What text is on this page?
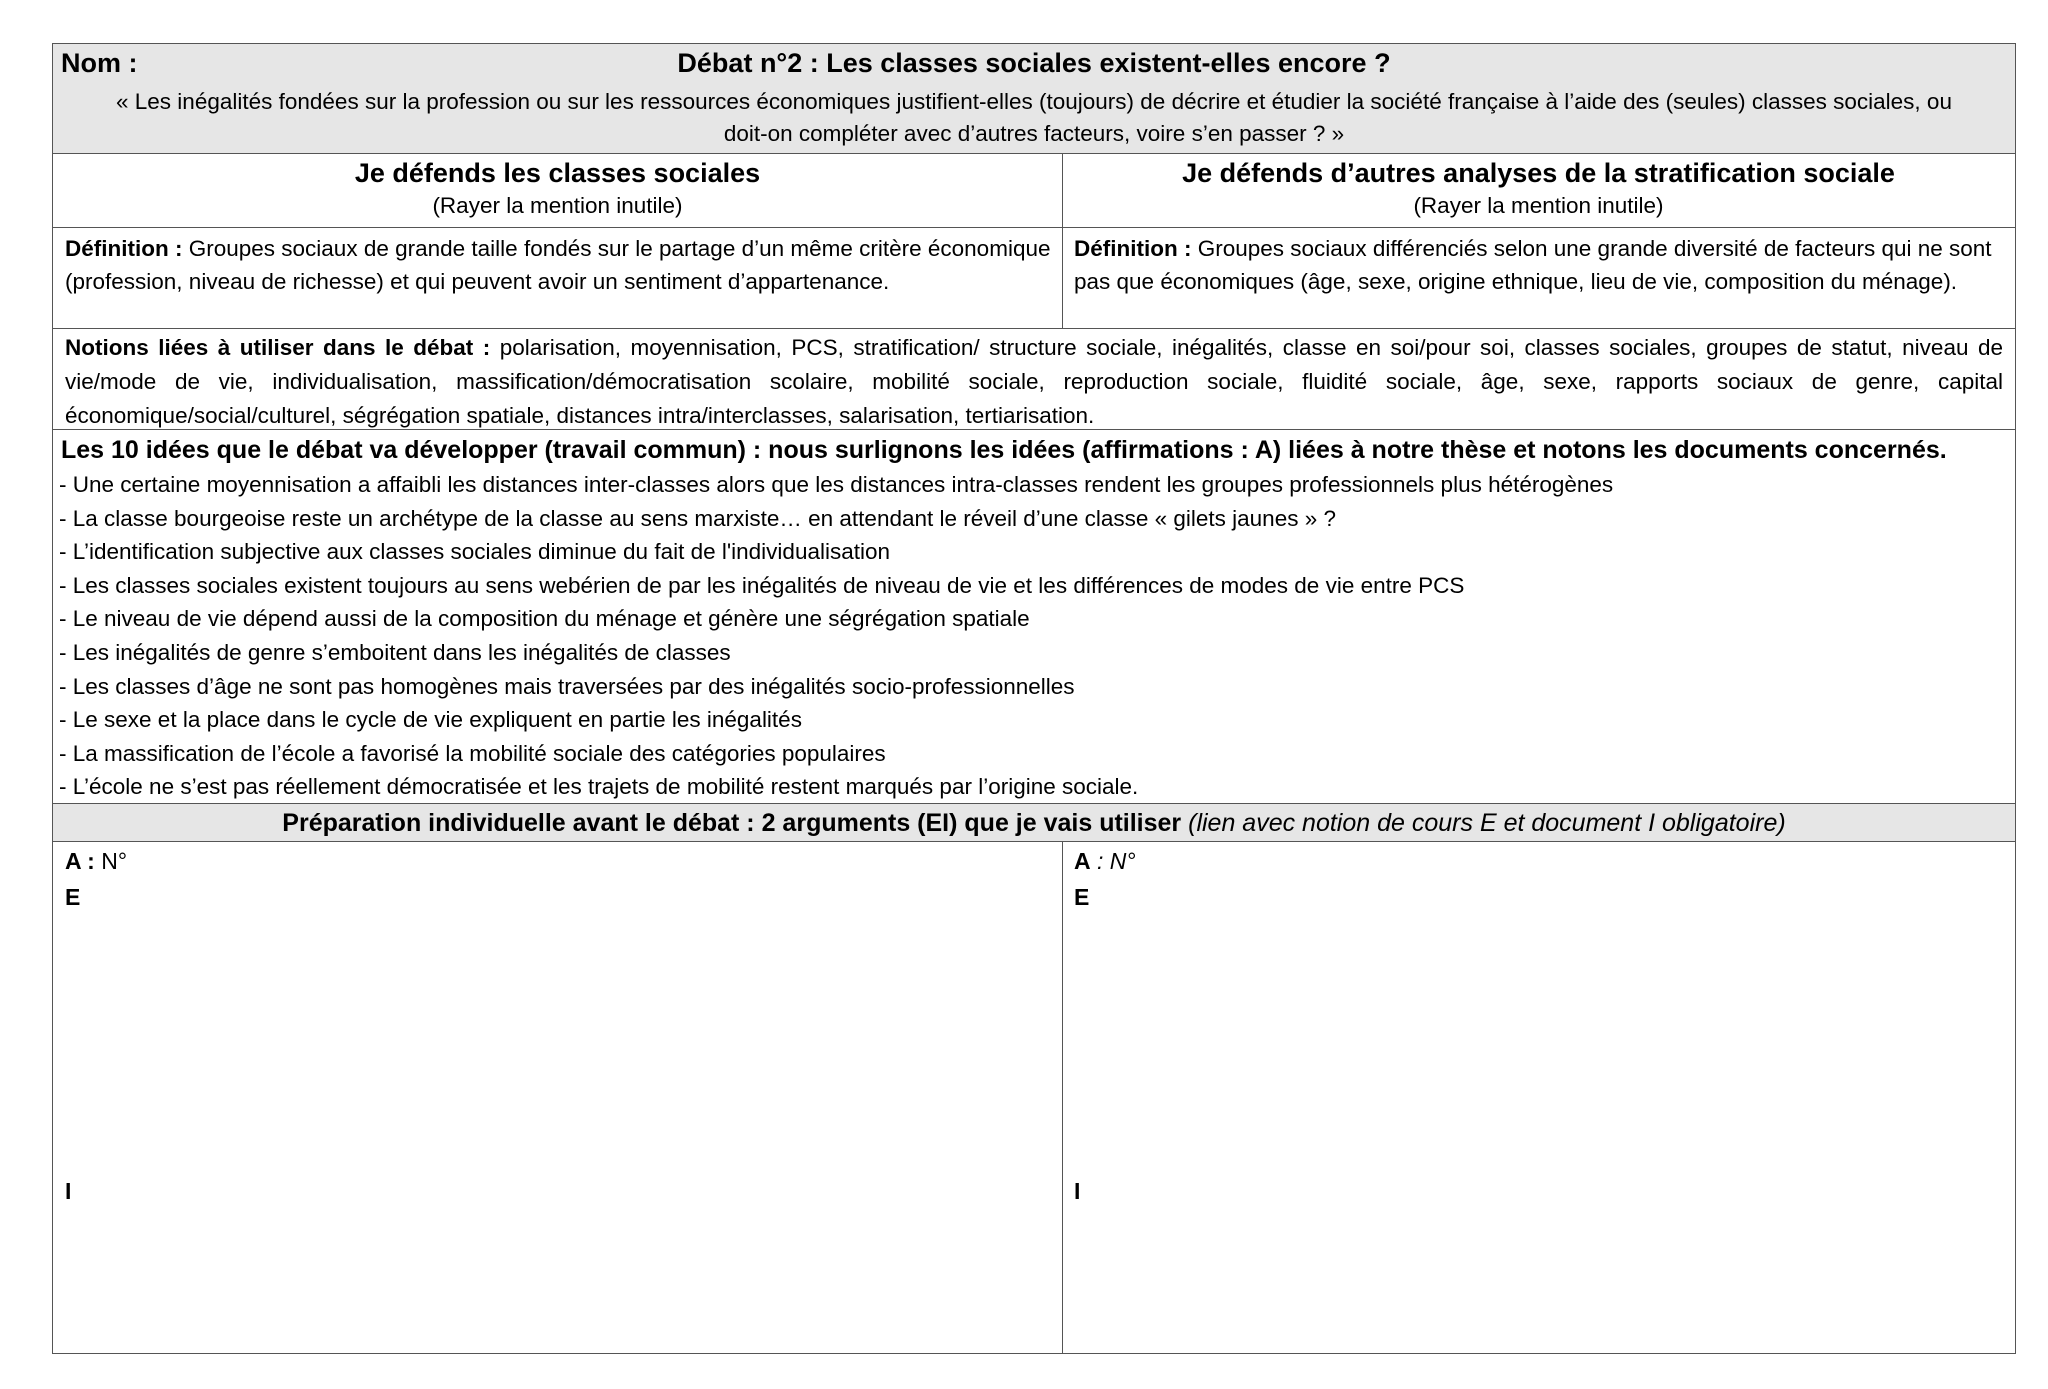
Débat n°2 : Les classes sociales existent-elles encore ?
Nom :
« Les inégalités fondées sur la profession ou sur les ressources économiques justifient-elles (toujours) de décrire et étudier la société française à l’aide des (seules) classes sociales, ou doit-on compléter avec d’autres facteurs, voire s’en passer ? »
Je défends les classes sociales
(Rayer la mention inutile)
Je défends d’autres analyses de la stratification sociale
(Rayer la mention inutile)
Définition : Groupes sociaux de grande taille fondés sur le partage d’un même critère économique (profession, niveau de richesse) et qui peuvent avoir un sentiment d’appartenance.
Définition : Groupes sociaux différenciés selon une grande diversité de facteurs qui ne sont pas que économiques (âge, sexe, origine ethnique, lieu de vie, composition du ménage).
Notions liées à utiliser dans le débat : polarisation, moyennisation, PCS, stratification/ structure sociale, inégalités, classe en soi/pour soi, classes sociales, groupes de statut, niveau de vie/mode de vie, individualisation, massification/démocratisation scolaire, mobilité sociale, reproduction sociale, fluidité sociale, âge, sexe, rapports sociaux de genre, capital économique/social/culturel, ségrégation spatiale, distances intra/interclasses, salarisation, tertiarisation.
Les 10 idées que le débat va développer (travail commun) : nous surlignons les idées (affirmations : A) liées à notre thèse et notons les documents concernés.
- Une certaine moyennisation a affaibli les distances inter-classes alors que les distances intra-classes rendent les groupes professionnels plus hétérogènes
- La classe bourgeoise reste un archétype de la classe au sens marxiste… en attendant le réveil d’une classe « gilets jaunes » ?
- L’identification subjective aux classes sociales diminue du fait de l'individualisation
- Les classes sociales existent toujours au sens webérien de par les inégalités de niveau de vie et les différences de modes de vie entre PCS
- Le niveau de vie dépend aussi de la composition du ménage et génère une ségrégation spatiale
- Les inégalités de genre s’emboitent dans les inégalités de classes
- Les classes d’âge ne sont pas homogènes mais traversées par des inégalités socio-professionnelles
- Le sexe et la place dans le cycle de vie expliquent en partie les inégalités
- La massification de l’école a favorisé la mobilité sociale des catégories populaires
- L’école ne s’est pas réellement démocratisée et les trajets de mobilité restent marqués par l’origine sociale.
Préparation individuelle avant le débat : 2 arguments (EI) que je vais utiliser (lien avec notion de cours E et document I obligatoire)
A : N°
E
I
A : N°
E
I
